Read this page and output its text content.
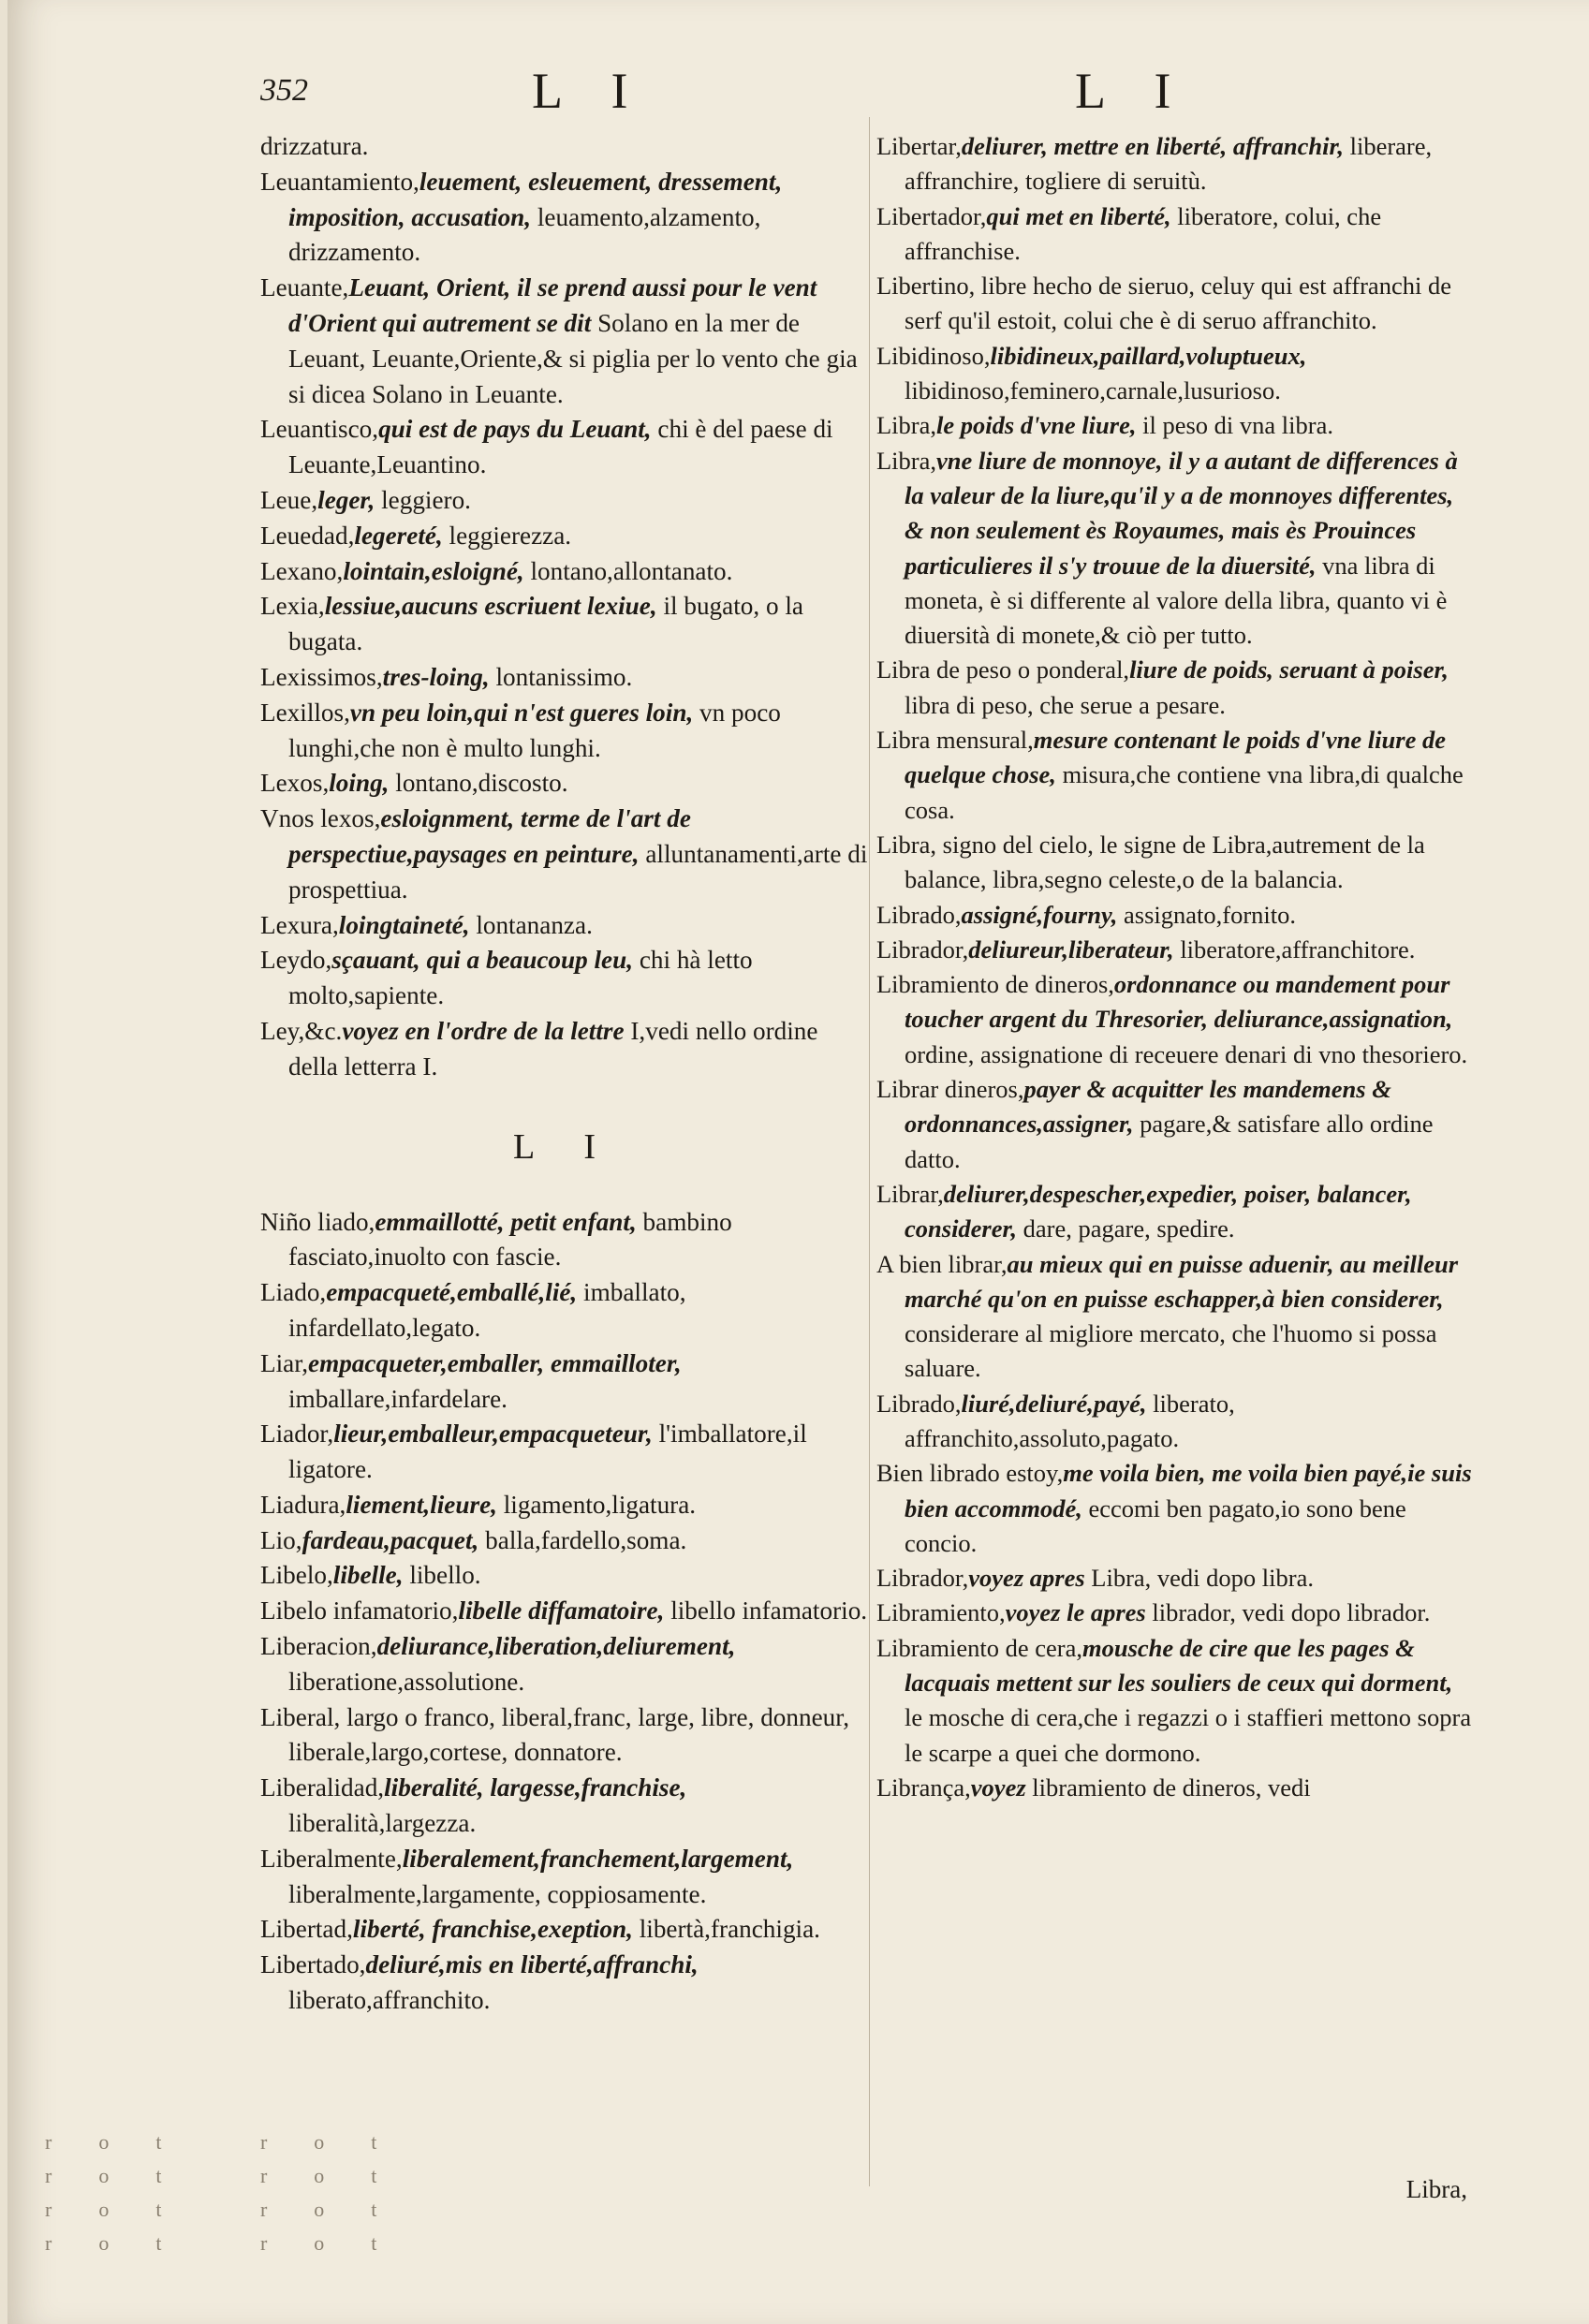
352	L I	L I
drizzatura.
Leuantamiento,leuement, esleuement, dressement, imposition, accusation, leuamento,alzamento, drizzamento.
Leuante,Leuant, Orient, il se prend aussi pour le vent d'Orient qui autrement se dit Solano en la mer de Leuant, Leuante,Oriente,& si piglia per lo vento che gia si dicea Solano in Leuante.
Leuantisco,qui est de pays du Leuant, chi è del paese di Leuante,Leuantino.
Leue,leger, leggiero.
Leuedad,legereté, leggierezza.
Lexano,lointain,esloigné, lontano,allontanato.
Lexia,lessiue,aucuns escriuent lexiue, il bugato, o la bugata.
Lexissimos,tres-loing, lontanissimo.
Lexillos,vn peu loin,qui n'est gueres loin, vn poco lunghi,che non è multo lunghi.
Lexos,loing, lontano,discosto.
Vnos lexos,esloignment, terme de l'art de perspectiue,paysages en peinture, alluntanamenti,arte di prospettiua.
Lexura,loingtaineté, lontananza.
Leydo,sçauant, qui a beaucoup leu, chi hà letto molto,sapiente.
Ley,&c.voyez en l'ordre de la lettre I,vedi nello ordine della letterra I.
L I
Niño liado,emmaillotté, petit enfant, bambino fasciato,inuolto con fascie.
Liado,empacqueté,emballé,lié, imballato, infardellato,legato.
Liar,empacqueter,emballer, emmailloter, imballare,infardelare.
Liador,lieur,emballeur,empacqueteur, l'imballatore,il ligatore.
Liadura,liement,lieure, ligamento,ligatura.
Lio,fardeau,pacquet, balla,fardello,soma.
Libelo,libelle, libello.
Libelo infamatorio,libelle diffamatoire, libello infamatorio.
Liberacion,deliurance,liberation,deliurement, liberatione,assolutione.
Liberal, largo o franco, liberal,franc, large, libre, donneur, liberale,largo,cortese, donnatore.
Liberalidad,liberalité, largesse,franchise, liberalità,largezza.
Liberalmente,liberalement,franchement,largement, liberalmente,largamente, coppiosamente.
Libertad,liberté, franchise,exeption, libertà,franchigia.
Libertado,deliuré,mis en liberté,affranchi, liberato,affranchito.
Libertar,deliurer, mettre en liberté, affranchir, liberare, affranchire, togliere di seruitù.
Libertador,qui met en liberté, liberatore, colui, che affranchise.
Libertino, libre hecho de sieruo, celuy qui est affranchi de serf qu'il estoit, colui che è di seruo affranchito.
Libidinoso,libidineux,paillard,voluptueux, libidinoso,feminero,carnale,lusurioso.
Libra,le poids d'vne liure, il peso di vna libra.
Libra,vne liure de monnoye, il y a autant de differences à la valeur de la liure,qu'il y a de monnoyes differentes, & non seulement ès Royaumes, mais ès Prouinces particulieres il s'y trouue de la diuersité, vna libra di moneta, è si differente al valore della libra, quanto vi è diuersità di monete,& ciò per tutto.
Libra de peso o ponderal,liure de poids, seruant à poiser, libra di peso, che serue a pesare.
Libra mensural,mesure contenant le poids d'vne liure de quelque chose, misura,che contiene vna libra,di qualche cosa.
Libra, signo del cielo, le signe de Libra,autrement de la balance, libra,segno celeste,o de la balancia.
Librado,assigné,fourny, assignato,fornito.
Librador,deliureur,liberateur, liberatore,affranchitore.
Libramiento de dineros,ordonnance ou mandement pour toucher argent du Thresorier, deliurance,assignation, ordine, assignatione di receuere denari di vno thesoriero.
Librar dineros,payer & acquitter les mandemens & ordonnances,assigner, pagare,& satisfare allo ordine datto.
Librar,deliurer,despescher,expedier, poiser, balancer, considerer, dare, pagare, spedire.
A bien librar,au mieux qui en puisse aduenir, au meilleur marché qu'on en puisse eschapper,à bien considerer, considerare al migliore mercato, che l'huomo si possa saluare.
Librado,liuré,deliuré,payé, liberato, affranchito,assoluto,pagato.
Bien librado estoy,me voila bien, me voila bien payé,ie suis bien accommodé, eccomi ben pagato,io sono bene concio.
Librador,voyez apres Libra, vedi dopo libra.
Libramiento,voyez le apres librador, vedi dopo librador.
Libramiento de cera,mousche de cire que les pages & lacquais mettent sur les souliers de ceux qui dorment, le mosche di cera,che i regazzi o i staffieri mettono sopra le scarpe a quei che dormono.
Librança,voyez libramiento de dineros, vedi
Libra,
rot rot
rot rot
rot rot
rot rot
